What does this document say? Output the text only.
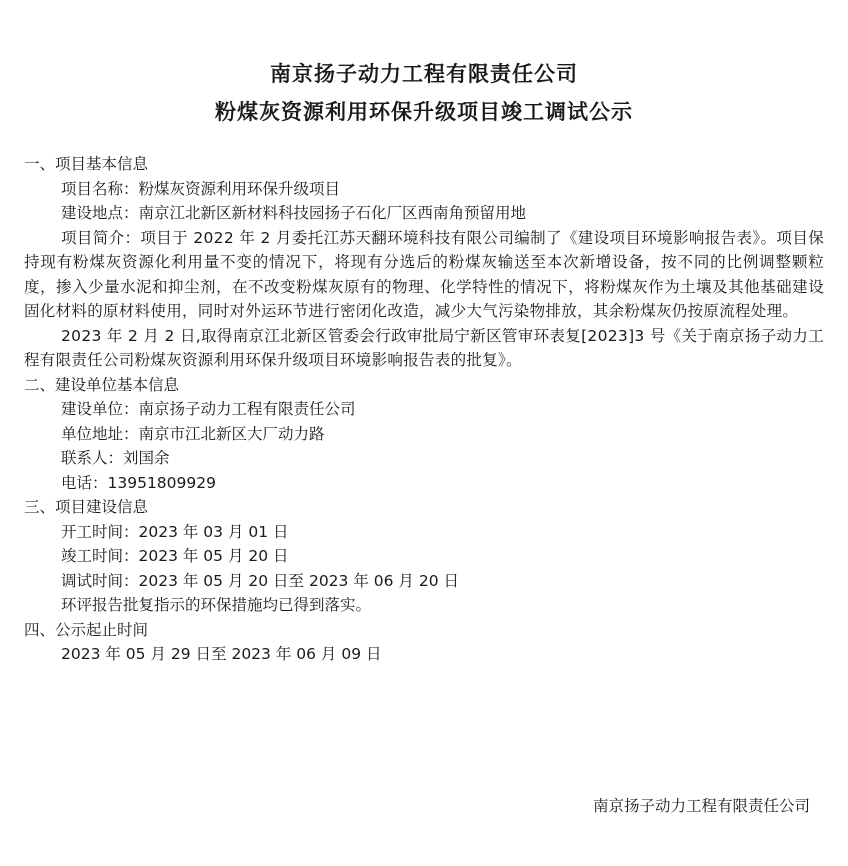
南京扬子动力工程有限责任公司
粉煤灰资源利用环保升级项目竣工调试公示
一、项目基本信息
项目名称：粉煤灰资源利用环保升级项目
建设地点：南京江北新区新材料科技园扬子石化厂区西南角预留用地
项目简介：项目于 2022 年 2 月委托江苏天翻环境科技有限公司编制了《建设项目环境影响报告表》。项目保持现有粉煤灰资源化利用量不变的情况下，将现有分选后的粉煤灰输送至本次新增设备，按不同的比例调整颗粒度，掺入少量水泥和抑尘剂，在不改变粉煤灰原有的物理、化学特性的情况下，将粉煤灰作为土壤及其他基础建设固化材料的原材料使用，同时对外运环节进行密闭化改造，减少大气污染物排放，其余粉煤灰仍按原流程处理。
2023 年 2 月 2 日,取得南京江北新区管委会行政审批局宁新区管审环表复[2023]3 号《关于南京扬子动力工程有限责任公司粉煤灰资源利用环保升级项目环境影响报告表的批复》。
二、建设单位基本信息
建设单位：南京扬子动力工程有限责任公司
单位地址：南京市江北新区大厂动力路
联系人：刘国余
电话：13951809929
三、项目建设信息
开工时间：2023 年 03 月 01 日
竣工时间：2023 年 05 月 20 日
调试时间：2023 年 05 月 20 日至 2023 年 06 月 20 日
环评报告批复指示的环保措施均已得到落实。
四、公示起止时间
2023 年 05 月 29 日至 2023 年 06 月 09 日
南京扬子动力工程有限责任公司
